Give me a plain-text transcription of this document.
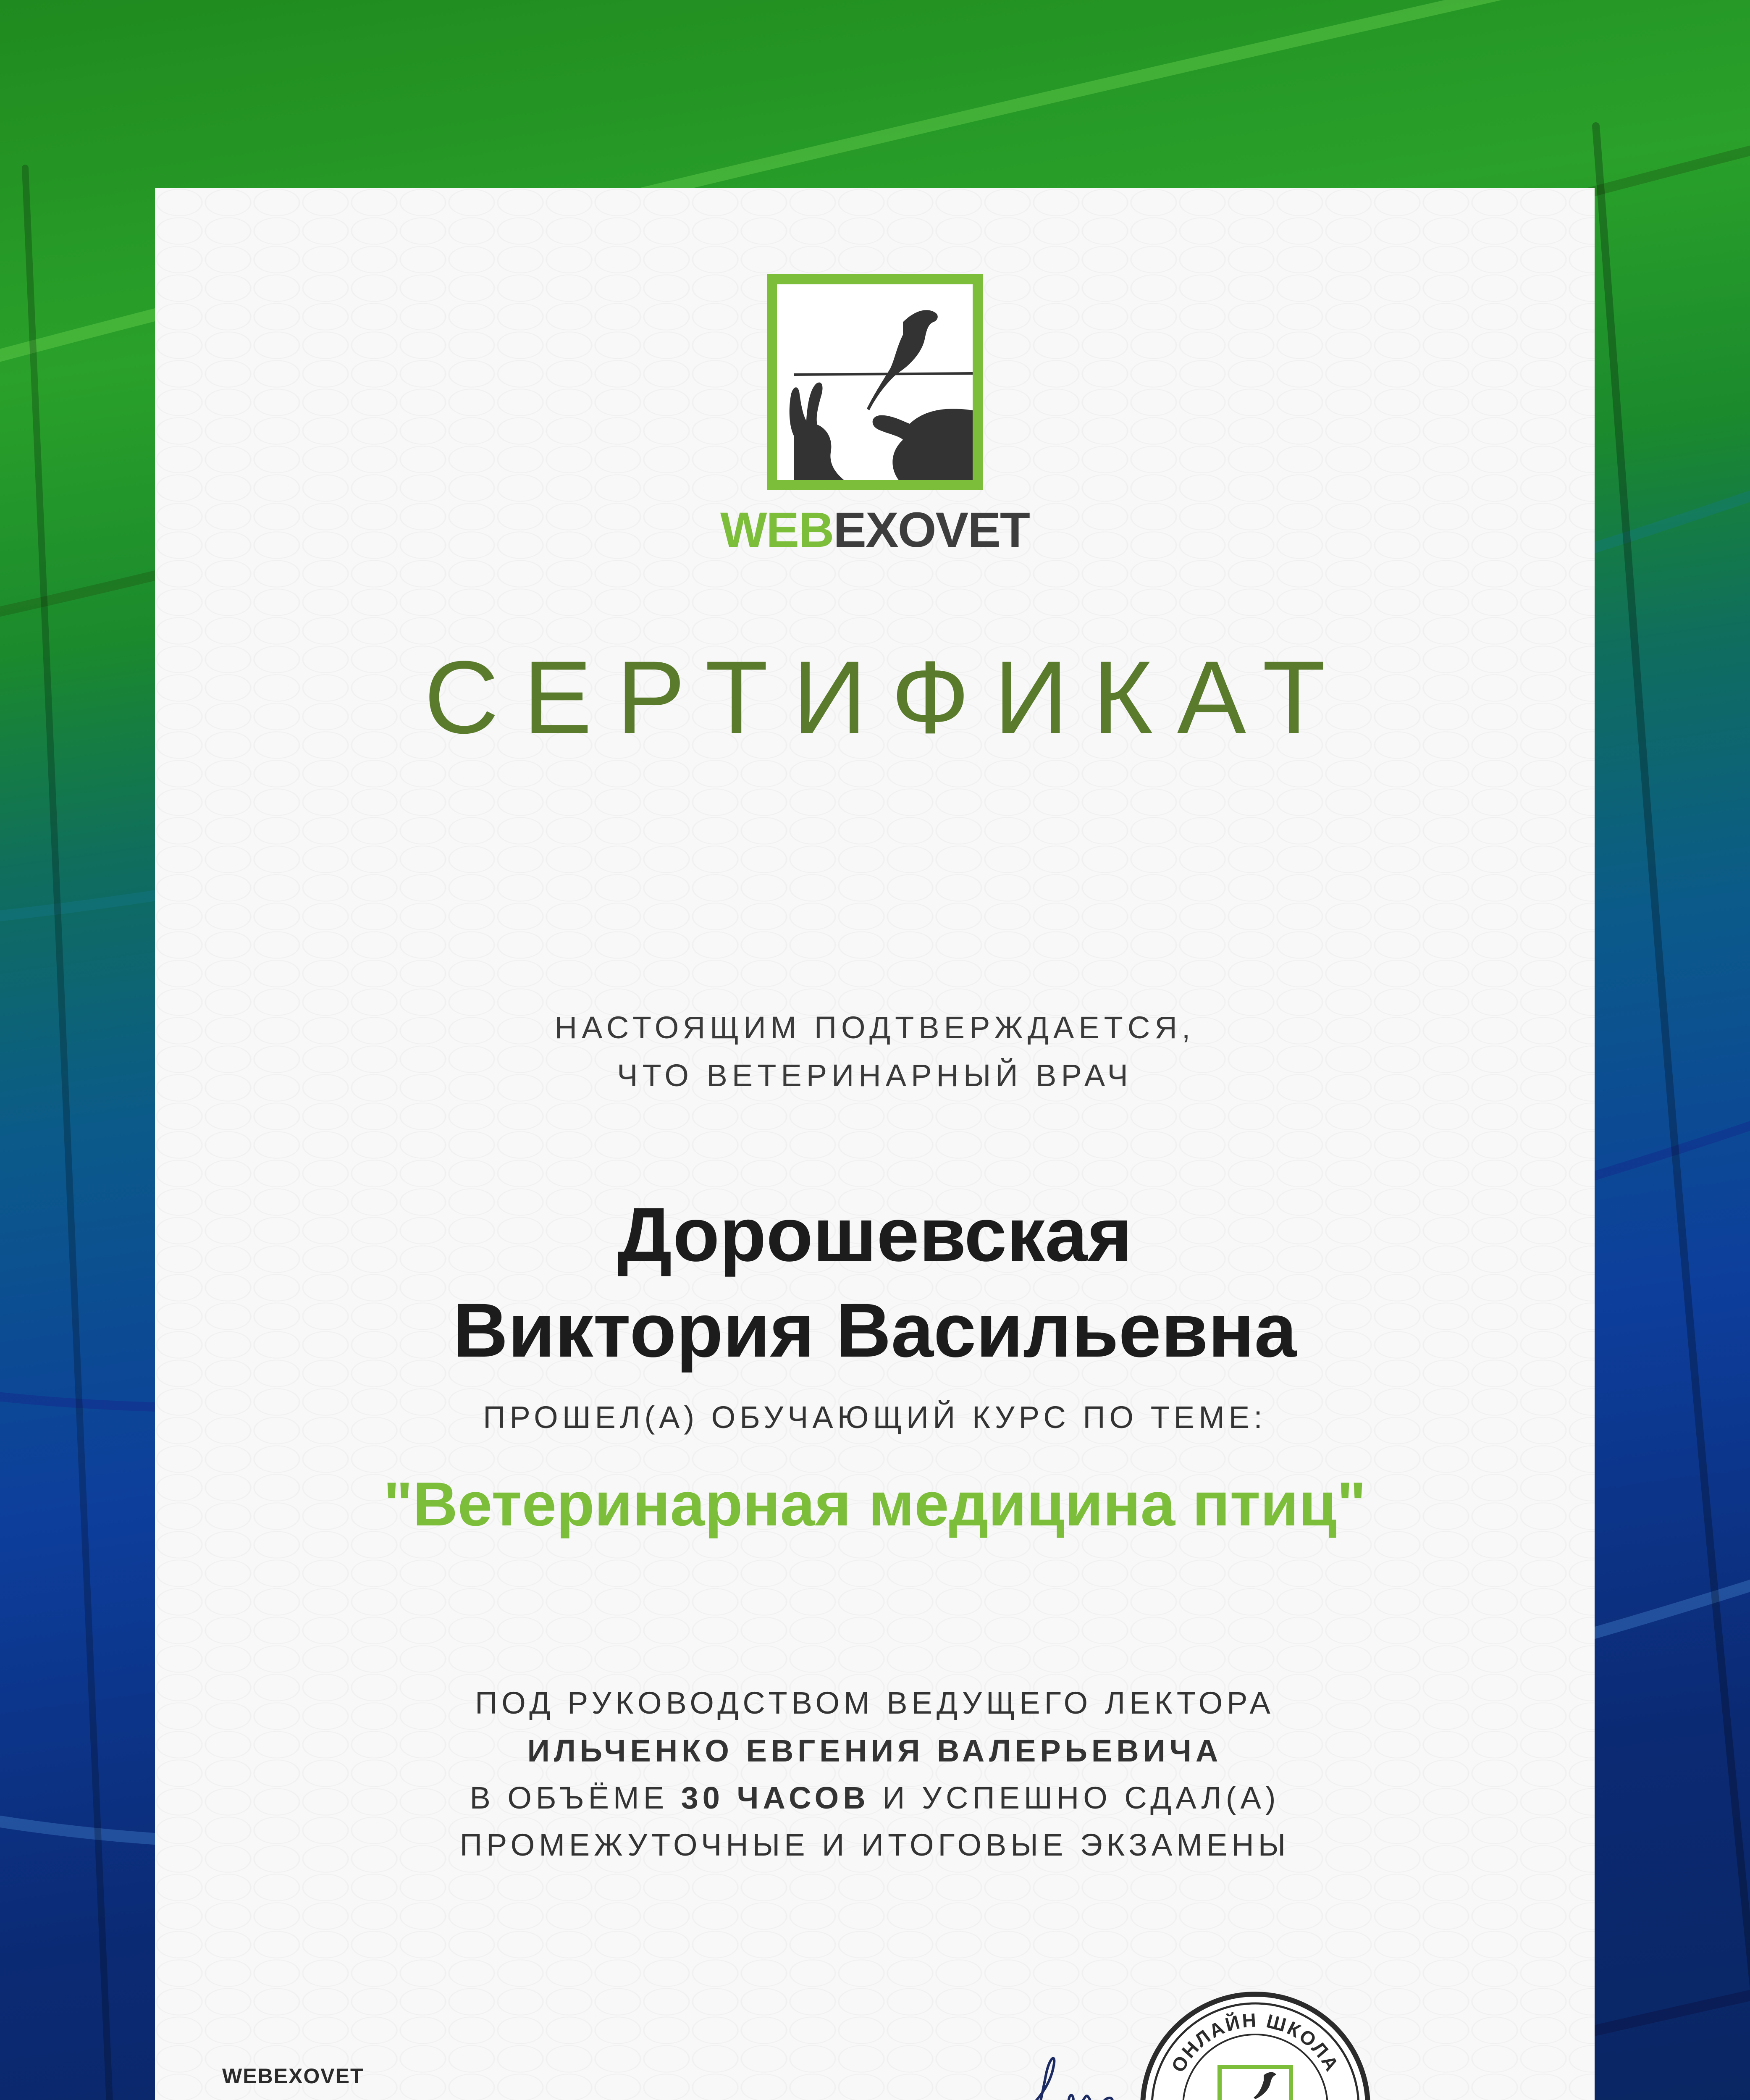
WEBEXOVET
СЕРТИФИКАТ
НАСТОЯЩИМ ПОДТВЕРЖДАЕТСЯ,
ЧТО ВЕТЕРИНАРНЫЙ ВРАЧ
Дорошевская
Виктория Васильевна
ПРОШЕЛ(А) ОБУЧАЮЩИЙ КУРС ПО ТЕМЕ:
"Ветеринарная медицина птиц"
ПОД РУКОВОДСТВОМ ВЕДУЩЕГО ЛЕКТОРА
ИЛЬЧЕНКО ЕВГЕНИЯ ВАЛЕРЬЕВИЧА
В ОБЪЁМЕ 30 ЧАСОВ И УСПЕШНО СДАЛ(А)
ПРОМЕЖУТОЧНЫЕ И ИТОГОВЫЕ ЭКЗАМЕНЫ
WEBEXOVET
ОНЛАЙН ШКОЛА
